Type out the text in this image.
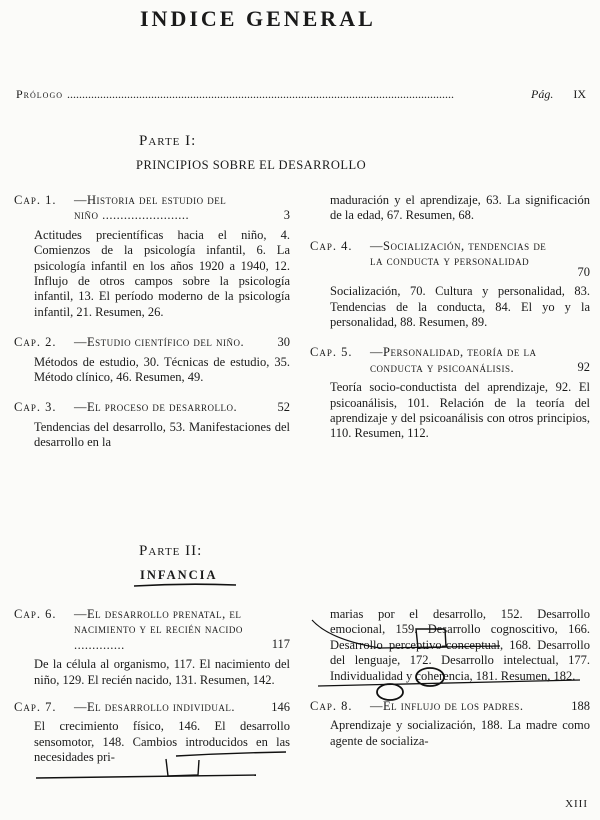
INDICE GENERAL
Prólogo .................................................................................................................................	Pág. IX
Parte I:
PRINCIPIOS SOBRE EL DESARROLLO
Cap. 1.	—Historia del estudio del niño ........................	3
Actitudes precientíficas hacia el niño, 4. Comienzos de la psicología infantil, 6. La psicología infantil en los años 1920 a 1940, 12. Influjo de otros campos sobre la psicología infantil, 13. El período moderno de la psicología infantil, 21. Resumen, 26.
Cap. 2.	—Estudio científico del niño.	30
Métodos de estudio, 30. Técnicas de estudio, 35. Método clínico, 46. Resumen, 49.
Cap. 3.	—El proceso de desarrollo.	52
Tendencias del desarrollo, 53. Manifestaciones del desarrollo en la
maduración y el aprendizaje, 63. La significación de la edad, 67. Resumen, 68.
Cap. 4.	—Socialización, tendencias de la conducta y personalidad
70
Socialización, 70. Cultura y personalidad, 83. Tendencias de la conducta, 84. El yo y la personalidad, 88. Resumen, 89.
Cap. 5.	—Personalidad, teoría de la conducta y psicoanálisis.	92
Teoría socio-conductista del aprendizaje, 92. El psicoanálisis, 101. Relación de la teoría del aprendizaje y del psicoanálisis con otros principios, 110. Resumen, 112.
Parte II:
INFANCIA
Cap. 6.	—El desarrollo prenatal, el nacimiento y el recién nacido ..............	117
De la célula al organismo, 117. El nacimiento del niño, 129. El recién nacido, 131. Resumen, 142.
Cap. 7.	—El desarrollo individual.	146
El crecimiento físico, 146. El desarrollo sensomotor, 148. Cambios introducidos en las necesidades pri-
marias por el desarrollo, 152. Desarrollo emocional, 159. Desarrollo cognoscitivo, 166. Desarrollo perceptivo-conceptual, 168. Desarrollo del lenguaje, 172. Desarrollo intelectual, 177. Individualidad y coherencia, 181. Resumen, 182.
Cap. 8.	—El influjo de los padres.	188
Aprendizaje y socialización, 188. La madre como agente de socializa-
XIII
